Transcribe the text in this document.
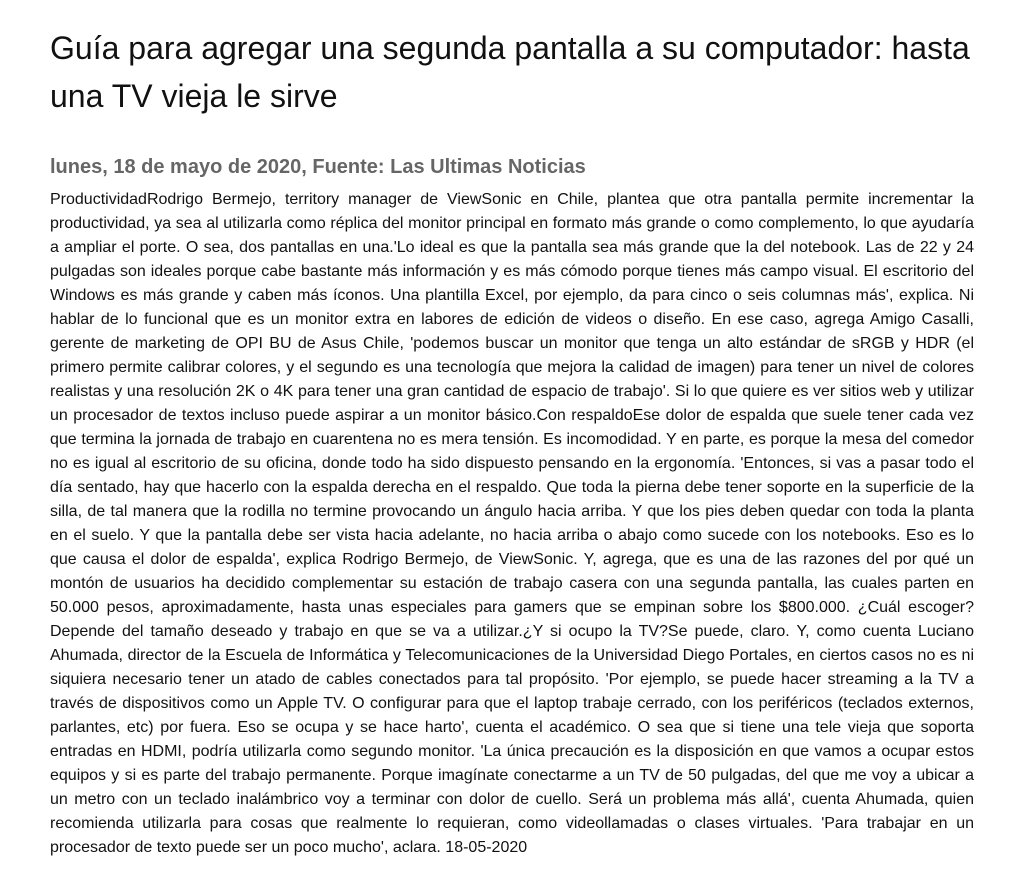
Guía para agregar una segunda pantalla a su computador: hasta una TV vieja le sirve
lunes, 18 de mayo de 2020, Fuente: Las Ultimas Noticias

ProductividadRodrigo Bermejo, territory manager de ViewSonic en Chile, plantea que otra pantalla permite incrementar la productividad, ya sea al utilizarla como réplica del monitor principal en formato más grande o como complemento, lo que ayudaría a ampliar el porte. O sea, dos pantallas en una.'Lo ideal es que la pantalla sea más grande que la del notebook. Las de 22 y 24 pulgadas son ideales porque cabe bastante más información y es más cómodo porque tienes más campo visual. El escritorio del Windows es más grande y caben más íconos. Una plantilla Excel, por ejemplo, da para cinco o seis columnas más', explica. Ni hablar de lo funcional que es un monitor extra en labores de edición de videos o diseño. En ese caso, agrega Amigo Casalli, gerente de marketing de OPI BU de Asus Chile, 'podemos buscar un monitor que tenga un alto estándar de sRGB y HDR (el primero permite calibrar colores, y el segundo es una tecnología que mejora la calidad de imagen) para tener un nivel de colores realistas y una resolución 2K o 4K para tener una gran cantidad de espacio de trabajo'. Si lo que quiere es ver sitios web y utilizar un procesador de textos incluso puede aspirar a un monitor básico.Con respaldoEse dolor de espalda que suele tener cada vez que termina la jornada de trabajo en cuarentena no es mera tensión. Es incomodidad. Y en parte, es porque la mesa del comedor no es igual al escritorio de su oficina, donde todo ha sido dispuesto pensando en la ergonomía. 'Entonces, si vas a pasar todo el día sentado, hay que hacerlo con la espalda derecha en el respaldo. Que toda la pierna debe tener soporte en la superficie de la silla, de tal manera que la rodilla no termine provocando un ángulo hacia arriba. Y que los pies deben quedar con toda la planta en el suelo. Y que la pantalla debe ser vista hacia adelante, no hacia arriba o abajo como sucede con los notebooks. Eso es lo que causa el dolor de espalda', explica Rodrigo Bermejo, de ViewSonic. Y, agrega, que es una de las razones del por qué un montón de usuarios ha decidido complementar su estación de trabajo casera con una segunda pantalla, las cuales parten en 50.000 pesos, aproximadamente, hasta unas especiales para gamers que se empinan sobre los $800.000. ¿Cuál escoger? Depende del tamaño deseado y trabajo en que se va a utilizar.¿Y si ocupo la TV?Se puede, claro. Y, como cuenta Luciano Ahumada, director de la Escuela de Informática y Telecomunicaciones de la Universidad Diego Portales, en ciertos casos no es ni siquiera necesario tener un atado de cables conectados para tal propósito. 'Por ejemplo, se puede hacer streaming a la TV a través de dispositivos como un Apple TV. O configurar para que el laptop trabaje cerrado, con los periféricos (teclados externos, parlantes, etc) por fuera. Eso se ocupa y se hace harto', cuenta el académico. O sea que si tiene una tele vieja que soporta entradas en HDMI, podría utilizarla como segundo monitor. 'La única precaución es la disposición en que vamos a ocupar estos equipos y si es parte del trabajo permanente. Porque imagínate conectarme a un TV de 50 pulgadas, del que me voy a ubicar a un metro con un teclado inalámbrico voy a terminar con dolor de cuello. Será un problema más allá', cuenta Ahumada, quien recomienda utilizarla para cosas que realmente lo requieran, como videollamadas o clases virtuales. 'Para trabajar en un procesador de texto puede ser un poco mucho', aclara. 18-05-2020
